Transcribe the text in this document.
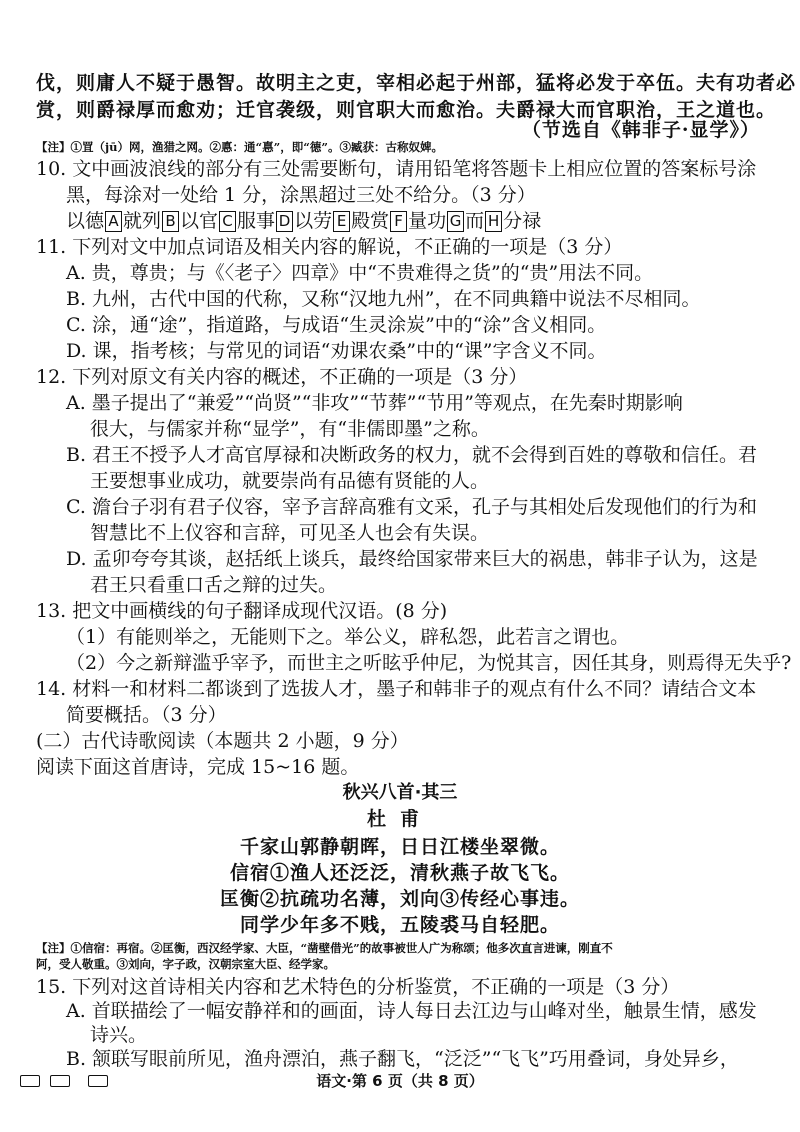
伐，则庸人不疑于愚智。故明主之吏，宰相必起于州部，猛将必发于卒伍。夫有功者必
赏，则爵禄厚而愈劝；迁官袭级，则官职大而愈治。夫爵禄大而官职治，王之道也。
（节选自《韩非子·显学》）
【注】①罝（jū）网，渔猎之网。②悳：通“惪”，即“德”。③臧获：古称奴婢。
10. 文中画波浪线的部分有三处需要断句，请用铅笔将答题卡上相应位置的答案标号涂
黑，每涂对一处给 1 分，涂黑超过三处不给分。（3 分）
以德 A 就列 B 以官 C 服事 D 以劳 E 殿赏 F 量功 G 而 H 分禄
11. 下列对文中加点词语及相关内容的解说，不正确的一项是（3 分）
A. 贵，尊贵；与《〈老子〉四章》中“不贵难得之货”的“贵”用法不同。
B. 九州，古代中国的代称，又称“汉地九州”，在不同典籍中说法不尽相同。
C. 涂，通“途”，指道路，与成语“生灵涂炭”中的“涂”含义相同。
D. 课，指考核；与常见的词语“劝课农桑”中的“课”字含义不同。
12. 下列对原文有关内容的概述，不正确的一项是（3 分）
A. 墨子提出了“兼爱”“尚贤”“非攻”“节葬”“节用”等观点，在先秦时期影响
很大，与儒家并称“显学”，有“非儒即墨”之称。
B. 君王不授予人才高官厚禄和决断政务的权力，就不会得到百姓的尊敬和信任。君
王要想事业成功，就要崇尚有品德有贤能的人。
C. 澹台子羽有君子仪容，宰予言辞高雅有文采，孔子与其相处后发现他们的行为和
智慧比不上仪容和言辞，可见圣人也会有失误。
D. 孟卯夸夸其谈，赵括纸上谈兵，最终给国家带来巨大的祸患，韩非子认为，这是
君王只看重口舌之辩的过失。
13. 把文中画横线的句子翻译成现代汉语。(8 分)
（1）有能则举之，无能则下之。举公义，辟私怨，此若言之谓也。
（2）今之新辩滥乎宰予，而世主之听眩乎仲尼，为悦其言，因任其身，则焉得无失乎?
14. 材料一和材料二都谈到了选拔人才，墨子和韩非子的观点有什么不同？请结合文本
简要概括。（3 分）
(二）古代诗歌阅读（本题共 2 小题，9 分）
阅读下面这首唐诗，完成 15~16 题。
秋兴八首·其三
杜甫
千家山郭静朝晖，日日江楼坐翠微。
信宿①渔人还泛泛，清秋燕子故飞飞。
匡衡②抗疏功名薄，刘向③传经心事违。
同学少年多不贱，五陵裘马自轻肥。
【注】①信宿：再宿。②匡衡，西汉经学家、大臣，“凿壁借光”的故事被世人广为称颂；他多次直言进谏，刚直不
阿，受人敬重。③刘向，字子政，汉朝宗室大臣、经学家。
15. 下列对这首诗相关内容和艺术特色的分析鉴赏，不正确的一项是（3 分）
A. 首联描绘了一幅安静祥和的画面，诗人每日去江边与山峰对坐，触景生情，感发
诗兴。
B. 颔联写眼前所见，渔舟漂泊，燕子翻飞，“泛泛”“飞飞”巧用叠词，身处异乡，
语文·第 6 页（共 8 页）
